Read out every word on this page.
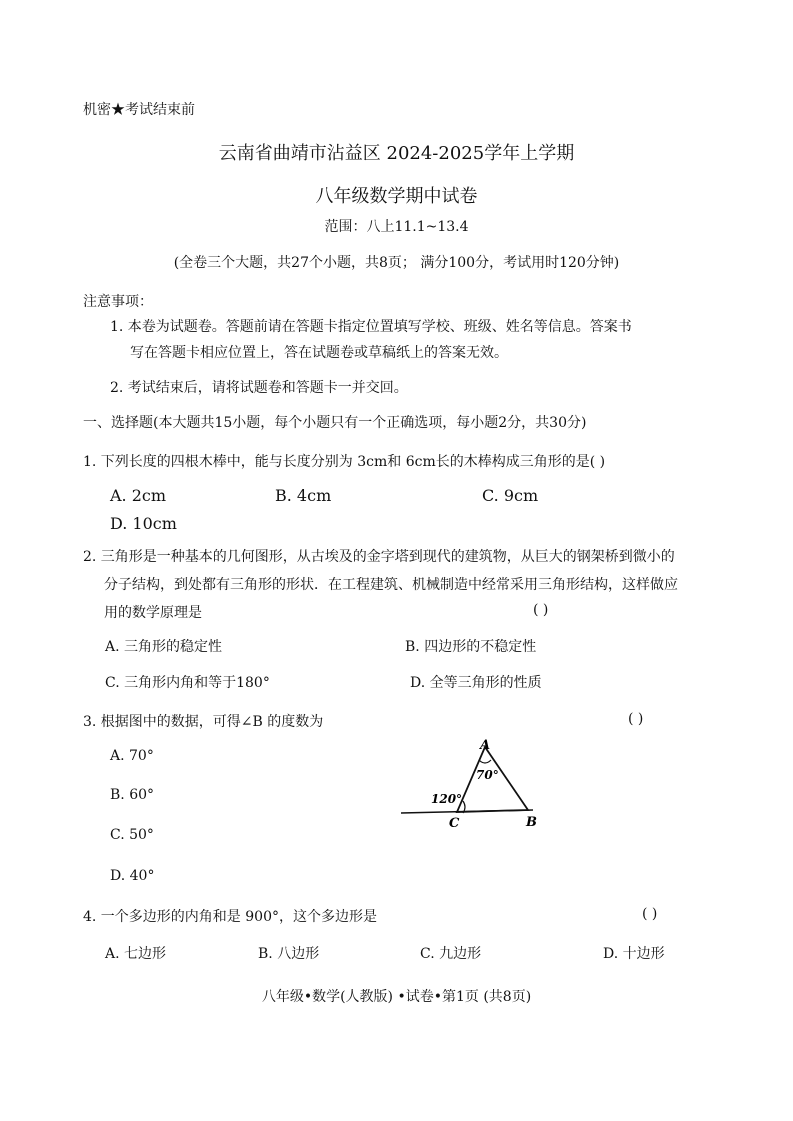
机密★考试结束前
云南省曲靖市沾益区 2024-2025学年上学期
八年级数学期中试卷
范围：八上11.1~13.4
(全卷三个大题，共27个小题，共8页； 满分100分，考试用时120分钟)
注意事项：
1. 本卷为试题卷。答题前请在答题卡指定位置填写学校、班级、姓名等信息。答案书
写在答题卡相应位置上，答在试题卷或草稿纸上的答案无效。
2. 考试结束后，请将试题卷和答题卡一并交回。
一、选择题(本大题共15小题，每个小题只有一个正确选项，每小题2分，共30分)
1. 下列长度的四根木棒中，能与长度分别为 3cm和 6cm长的木棒构成三角形的是( )
A. 2cm	B. 4cm	C. 9cm
D. 10cm
2. 三角形是一种基本的几何图形，从古埃及的金字塔到现代的建筑物，从巨大的钢架桥到微小的
分子结构，到处都有三角形的形状．在工程建筑、机械制造中经常采用三角形结构，这样做应
用的数学原理是	( )
A. 三角形的稳定性	B. 四边形的不稳定性
C. 三角形内角和等于180°	D. 全等三角形的性质
3. 根据图中的数据，可得∠B 的度数为	( )
A. 70°
B. 60°
C. 50°
D. 40°
A
70°
120°
C	B
4. 一个多边形的内角和是 900°，这个多边形是	( )
A. 七边形	B. 八边形	C. 九边形	D. 十边形
八年级•数学(人教版) •试卷•第1页 (共8页)
